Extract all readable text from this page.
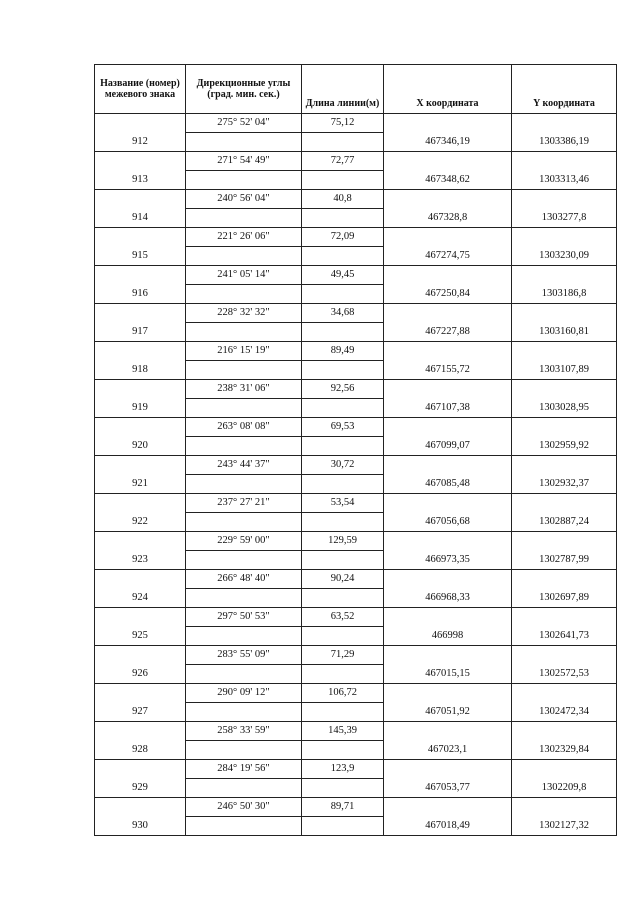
Название (номер) межевого знака	Дирекционные углы (град. мин. сек.)	Длина линии(м)	X координата	Y координата
	275° 52' 04"	75,12		
912			467346,19	1303386,19
	271° 54' 49"	72,77		
913			467348,62	1303313,46
	240° 56' 04"	40,8		
914			467328,8	1303277,8
	221° 26' 06"	72,09		
915			467274,75	1303230,09
	241° 05' 14"	49,45		
916			467250,84	1303186,8
	228° 32' 32"	34,68		
917			467227,88	1303160,81
	216° 15' 19"	89,49		
918			467155,72	1303107,89
	238° 31' 06"	92,56		
919			467107,38	1303028,95
	263° 08' 08"	69,53		
920			467099,07	1302959,92
	243° 44' 37"	30,72		
921			467085,48	1302932,37
	237° 27' 21"	53,54		
922			467056,68	1302887,24
	229° 59' 00"	129,59		
923			466973,35	1302787,99
	266° 48' 40"	90,24		
924			466968,33	1302697,89
	297° 50' 53"	63,52		
925			466998	1302641,73
	283° 55' 09"	71,29		
926			467015,15	1302572,53
	290° 09' 12"	106,72		
927			467051,92	1302472,34
	258° 33' 59"	145,39		
928			467023,1	1302329,84
	284° 19' 56"	123,9		
929			467053,77	1302209,8
	246° 50' 30"	89,71		
930			467018,49	1302127,32
